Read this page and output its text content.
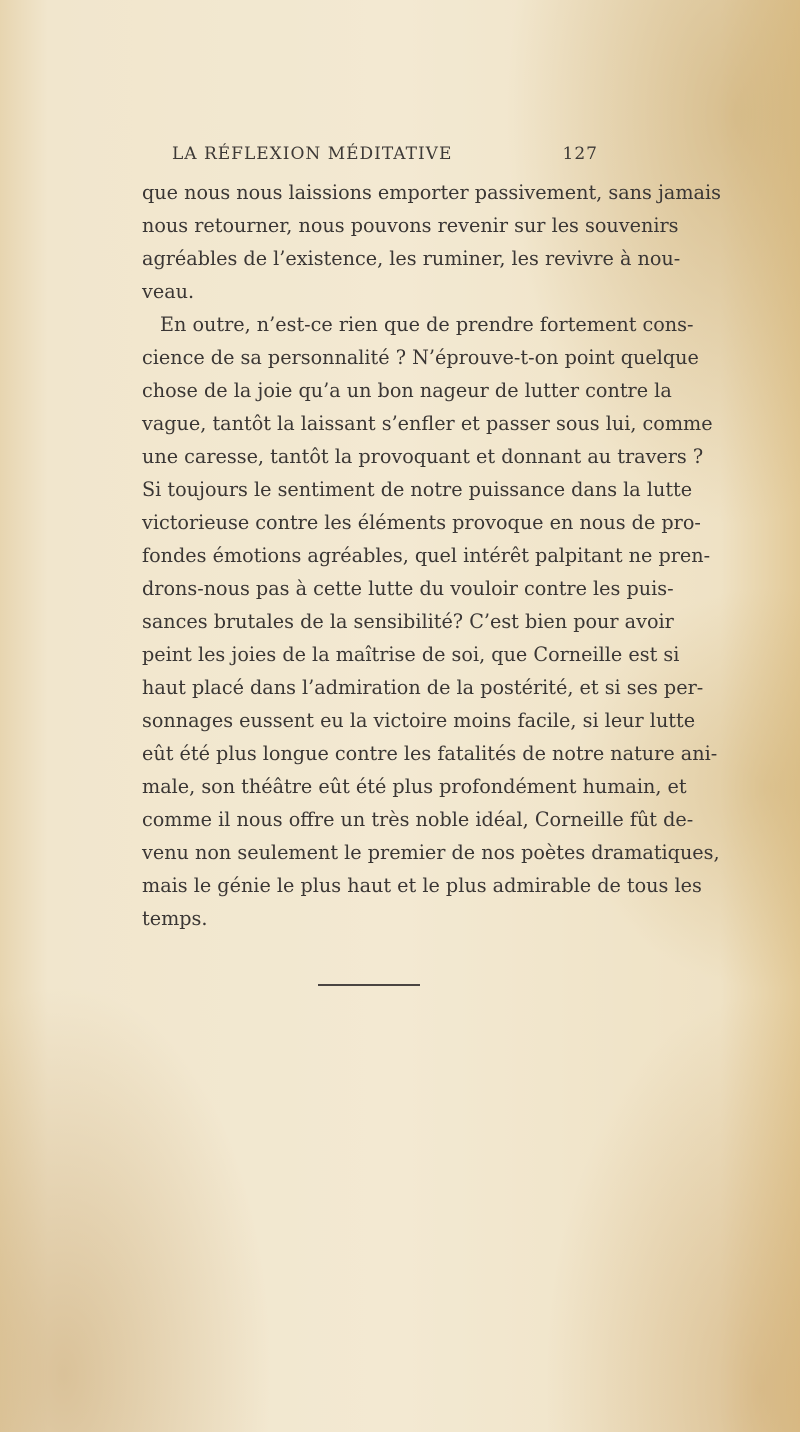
LA RÉFLEXION MÉDITATIVE	127
que nous nous laissions emporter passivement, sans jamais
nous retourner, nous pouvons revenir sur les souvenirs
agréables de l’existence, les ruminer, les revivre à nou-
veau.
En outre, n’est-ce rien que de prendre fortement cons-
cience de sa personnalité ? N’éprouve-t-on point quelque
chose de la joie qu’a un bon nageur de lutter contre la
vague, tantôt la laissant s’enfler et passer sous lui, comme
une caresse, tantôt la provoquant et donnant au travers ?
Si toujours le sentiment de notre puissance dans la lutte
victorieuse contre les éléments provoque en nous de pro-
fondes émotions agréables, quel intérêt palpitant ne pren-
drons-nous pas à cette lutte du vouloir contre les puis-
sances brutales de la sensibilité? C’est bien pour avoir
peint les joies de la maîtrise de soi, que Corneille est si
haut placé dans l’admiration de la postérité, et si ses per-
sonnages eussent eu la victoire moins facile, si leur lutte
eût été plus longue contre les fatalités de notre nature ani-
male, son théâtre eût été plus profondément humain, et
comme il nous offre un très noble idéal, Corneille fût de-
venu non seulement le premier de nos poètes dramatiques,
mais le génie le plus haut et le plus admirable de tous les
temps.
